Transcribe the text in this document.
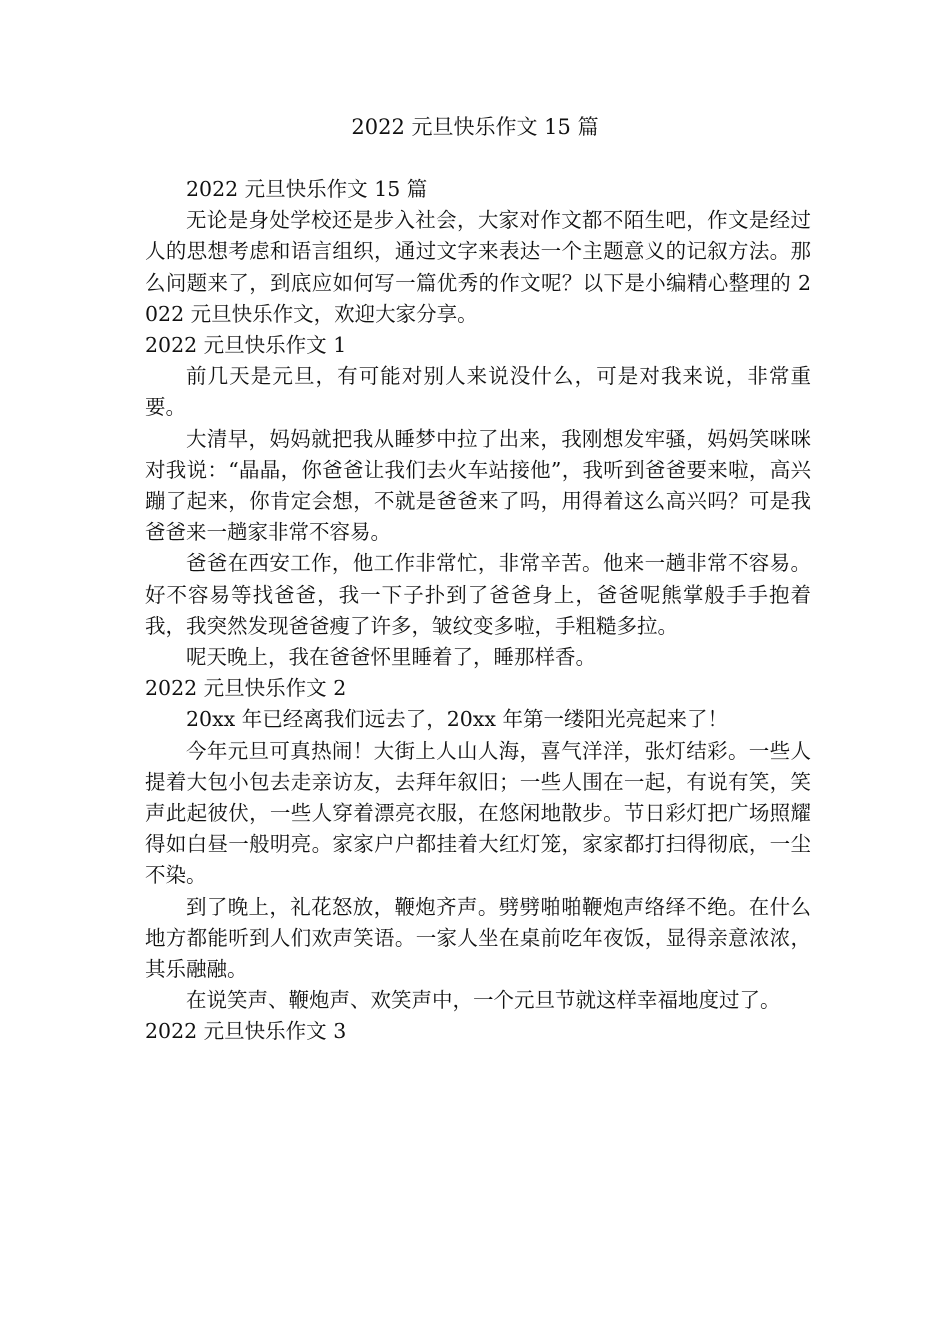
2022 元旦快乐作文 15 篇

2022 元旦快乐作文 15 篇

无论是身处学校还是步入社会，大家对作文都不陌生吧，作文是经过人的思想考虑和语言组织，通过文字来表达一个主题意义的记叙方法。那么问题来了，到底应如何写一篇优秀的作文呢？以下是小编精心整理的 2022 元旦快乐作文，欢迎大家分享。

2022 元旦快乐作文 1

前几天是元旦，有可能对别人来说没什么，可是对我来说，非常重要。

大清早，妈妈就把我从睡梦中拉了出来，我刚想发牢骚，妈妈笑咪咪对我说：“晶晶，你爸爸让我们去火车站接他”，我听到爸爸要来啦，高兴蹦了起来，你肯定会想，不就是爸爸来了吗，用得着这么高兴吗？可是我爸爸来一趟家非常不容易。

爸爸在西安工作，他工作非常忙，非常辛苦。他来一趟非常不容易。好不容易等找爸爸，我一下子扑到了爸爸身上，爸爸呢熊掌般手手抱着我，我突然发现爸爸瘦了许多，皱纹变多啦，手粗糙多拉。

呢天晚上，我在爸爸怀里睡着了，睡那样香。

2022 元旦快乐作文 2

20xx 年已经离我们远去了，20xx 年第一缕阳光亮起来了！

今年元旦可真热闹！大街上人山人海，喜气洋洋，张灯结彩。一些人提着大包小包去走亲访友，去拜年叙旧；一些人围在一起，有说有笑，笑声此起彼伏，一些人穿着漂亮衣服，在悠闲地散步。节日彩灯把广场照耀得如白昼一般明亮。家家户户都挂着大红灯笼，家家都打扫得彻底，一尘不染。

到了晚上，礼花怒放，鞭炮齐声。劈劈啪啪鞭炮声络绎不绝。在什么地方都能听到人们欢声笑语。一家人坐在桌前吃年夜饭，显得亲意浓浓，其乐融融。

在说笑声、鞭炮声、欢笑声中，一个元旦节就这样幸福地度过了。

2022 元旦快乐作文 3
